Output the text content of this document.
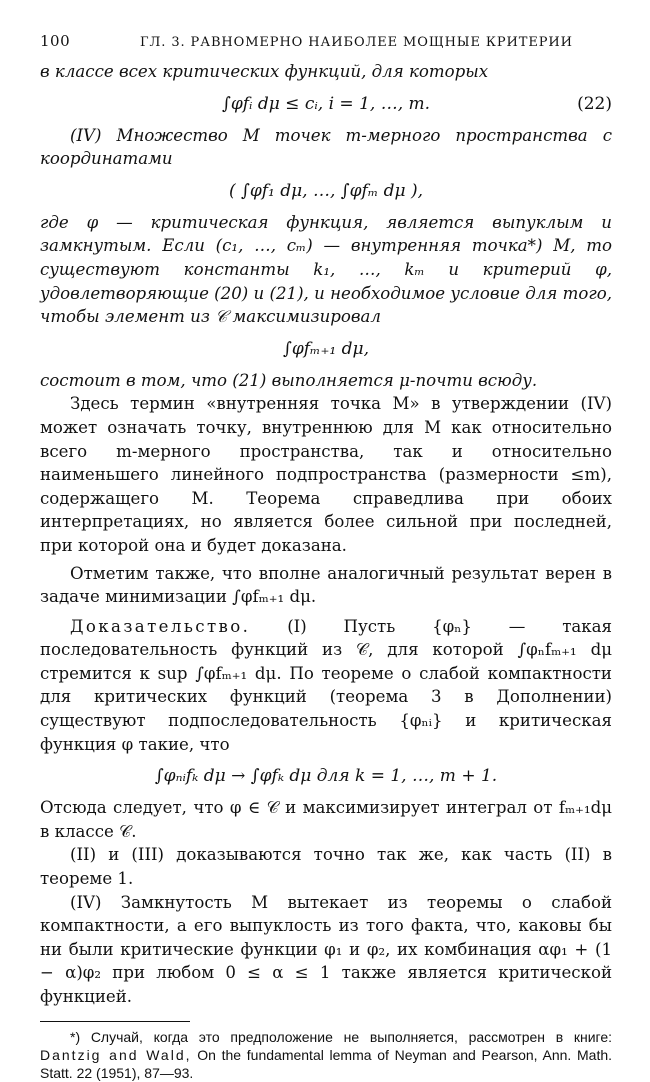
100	ГЛ. 3. РАВНОМЕРНО НАИБОЛЕЕ МОЩНЫЕ КРИТЕРИИ

в классе всех критических функций, для которых

∫φfᵢ dμ ≤ cᵢ, i = 1, …, m.	(22)

(IV) Множество M точек m-мерного пространства с координатами

( ∫φf₁ dμ, …, ∫φfₘ dμ ),

где φ — критическая функция, является выпуклым и замкнутым. Если (c₁, …, cₘ) — внутренняя точка*) M, то существуют константы k₁, …, kₘ и критерий φ, удовлетворяющие (20) и (21), и необходимое условие для того, чтобы элемент из 𝒞 максимизировал

∫φfₘ₊₁ dμ,

состоит в том, что (21) выполняется μ-почти всюду.

Здесь термин «внутренняя точка M» в утверждении (IV) может означать точку, внутреннюю для M как относительно всего m-мерного пространства, так и относительно наименьшего линейного подпространства (размерности ≤m), содержащего M. Теорема справедлива при обоих интерпретациях, но является более сильной при последней, при которой она и будет доказана.

Отметим также, что вполне аналогичный результат верен в задаче минимизации ∫φfₘ₊₁ dμ.

Доказательство. (I) Пусть {φₙ} — такая последовательность функций из 𝒞, для которой ∫φₙfₘ₊₁ dμ стремится к sup ∫φfₘ₊₁ dμ. По теореме о слабой компактности для критических функций (теорема 3 в Дополнении) существуют подпоследовательность {φₙᵢ} и критическая функция φ такие, что

∫φₙᵢfₖ dμ → ∫φfₖ dμ для k = 1, …, m + 1.

Отсюда следует, что φ ∈ 𝒞 и максимизирует интеграл от fₘ₊₁dμ в классе 𝒞.

(II) и (III) доказываются точно так же, как часть (II) в теореме 1.

(IV) Замкнутость M вытекает из теоремы о слабой компактности, а его выпуклость из того факта, что, каковы бы ни были критические функции φ₁ и φ₂, их комбинация αφ₁ + (1 − α)φ₂ при любом 0 ≤ α ≤ 1 также является критической функцией.

*) Случай, когда это предположение не выполняется, рассмотрен в книге: Dantzig and Wald, On the fundamental lemma of Neyman and Pearson, Ann. Math. Statt. 22 (1951), 87—93.
